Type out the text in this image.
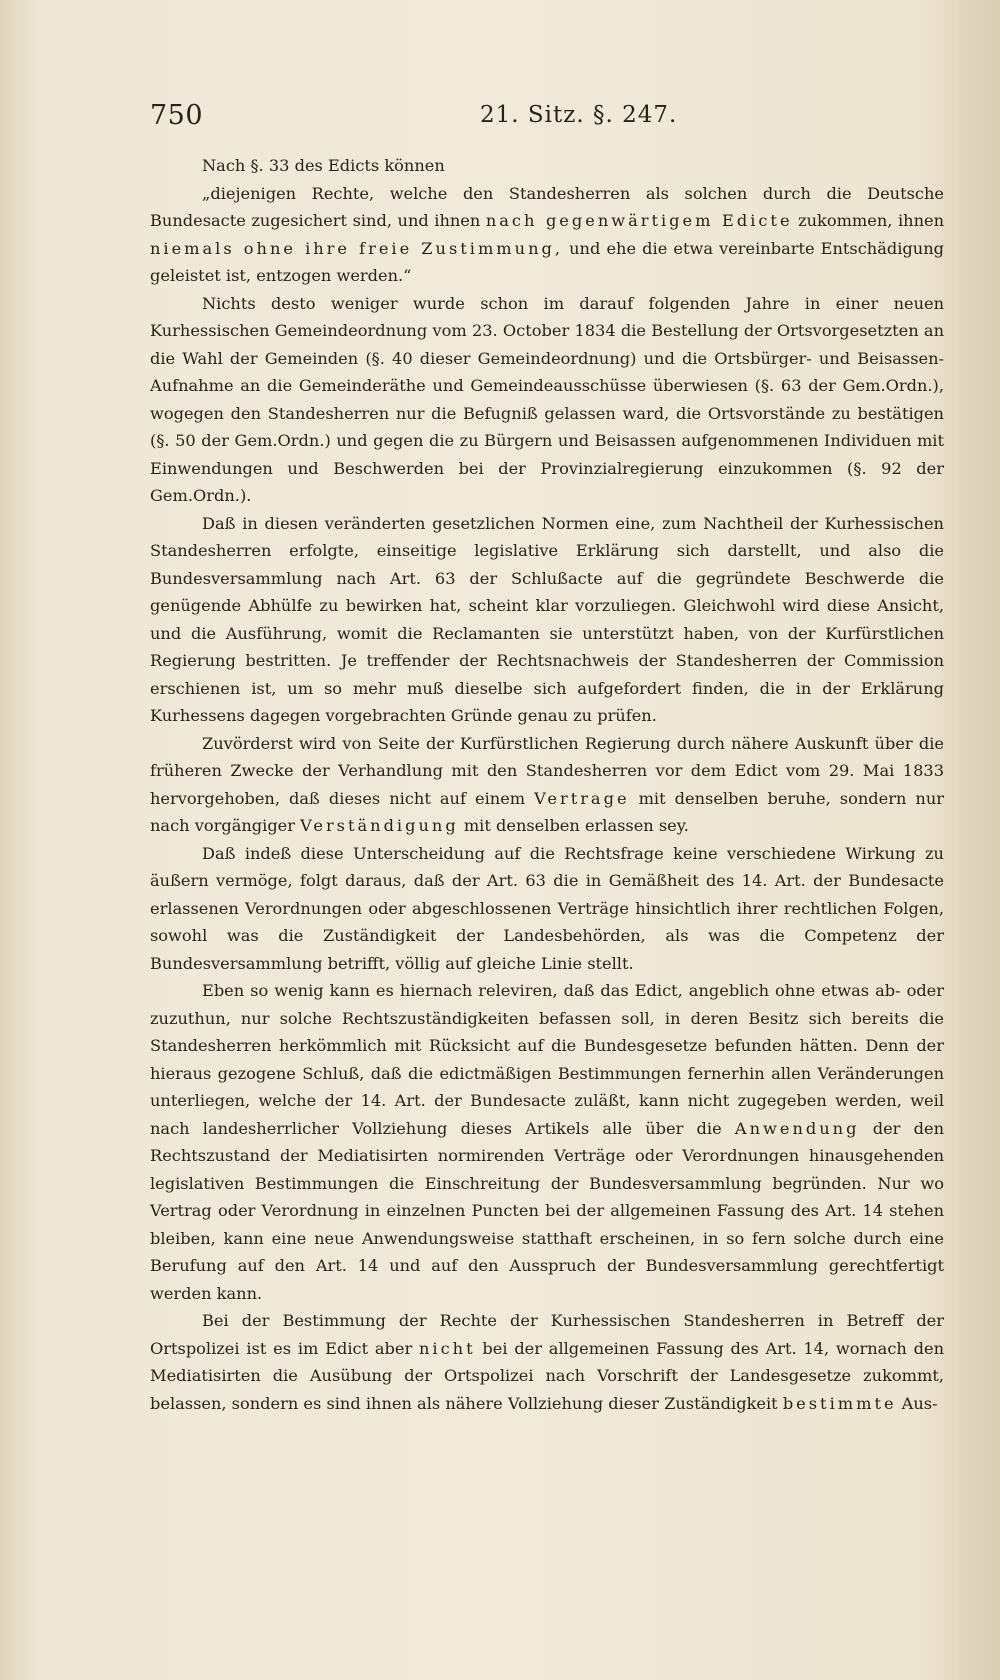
750	21. Sitz. §. 247.

Nach §. 33 des Edicts können

„diejenigen Rechte, welche den Standesherren als solchen durch die Deutsche Bundesacte zugesichert sind, und ihnen nach gegenwärtigem Edicte zukommen, ihnen niemals ohne ihre freie Zustimmung, und ehe die etwa vereinbarte Entschädigung geleistet ist, entzogen werden.“

Nichts desto weniger wurde schon im darauf folgenden Jahre in einer neuen Kurhessischen Gemeindeordnung vom 23. October 1834 die Bestellung der Ortsvorgesetzten an die Wahl der Gemeinden (§. 40 dieser Gemeindeordnung) und die Ortsbürger- und Beisassen-Aufnahme an die Gemeinderäthe und Gemeindeausschüsse überwiesen (§. 63 der Gem.Ordn.), wogegen den Standesherren nur die Befugniß gelassen ward, die Ortsvorstände zu bestätigen (§. 50 der Gem.Ordn.) und gegen die zu Bürgern und Beisassen aufgenommenen Individuen mit Einwendungen und Beschwerden bei der Provinzialregierung einzukommen (§. 92 der Gem.Ordn.).

Daß in diesen veränderten gesetzlichen Normen eine, zum Nachtheil der Kurhessischen Standesherren erfolgte, einseitige legislative Erklärung sich darstellt, und also die Bundesversammlung nach Art. 63 der Schlußacte auf die gegründete Beschwerde die genügende Abhülfe zu bewirken hat, scheint klar vorzuliegen. Gleichwohl wird diese Ansicht, und die Ausführung, womit die Reclamanten sie unterstützt haben, von der Kurfürstlichen Regierung bestritten. Je treffender der Rechtsnachweis der Standesherren der Commission erschienen ist, um so mehr muß dieselbe sich aufgefordert finden, die in der Erklärung Kurhessens dagegen vorgebrachten Gründe genau zu prüfen.

Zuvörderst wird von Seite der Kurfürstlichen Regierung durch nähere Auskunft über die früheren Zwecke der Verhandlung mit den Standesherren vor dem Edict vom 29. Mai 1833 hervorgehoben, daß dieses nicht auf einem Vertrage mit denselben beruhe, sondern nur nach vorgängiger Verständigung mit denselben erlassen sey.

Daß indeß diese Unterscheidung auf die Rechtsfrage keine verschiedene Wirkung zu äußern vermöge, folgt daraus, daß der Art. 63 die in Gemäßheit des 14. Art. der Bundesacte erlassenen Verordnungen oder abgeschlossenen Verträge hinsichtlich ihrer rechtlichen Folgen, sowohl was die Zuständigkeit der Landesbehörden, als was die Competenz der Bundesversammlung betrifft, völlig auf gleiche Linie stellt.

Eben so wenig kann es hiernach releviren, daß das Edict, angeblich ohne etwas ab- oder zuzuthun, nur solche Rechtszuständigkeiten befassen soll, in deren Besitz sich bereits die Standesherren herkömmlich mit Rücksicht auf die Bundesgesetze befunden hätten. Denn der hieraus gezogene Schluß, daß die edictmäßigen Bestimmungen fernerhin allen Veränderungen unterliegen, welche der 14. Art. der Bundesacte zuläßt, kann nicht zugegeben werden, weil nach landesherrlicher Vollziehung dieses Artikels alle über die Anwendung der den Rechtszustand der Mediatisirten normirenden Verträge oder Verordnungen hinausgehenden legislativen Bestimmungen die Einschreitung der Bundesversammlung begründen. Nur wo Vertrag oder Verordnung in einzelnen Puncten bei der allgemeinen Fassung des Art. 14 stehen bleiben, kann eine neue Anwendungsweise statthaft erscheinen, in so fern solche durch eine Berufung auf den Art. 14 und auf den Ausspruch der Bundesversammlung gerechtfertigt werden kann.

Bei der Bestimmung der Rechte der Kurhessischen Standesherren in Betreff der Ortspolizei ist es im Edict aber nicht bei der allgemeinen Fassung des Art. 14, wornach den Mediatisirten die Ausübung der Ortspolizei nach Vorschrift der Landesgesetze zukommt, belassen, sondern es sind ihnen als nähere Vollziehung dieser Zuständigkeit bestimmte Aus-
